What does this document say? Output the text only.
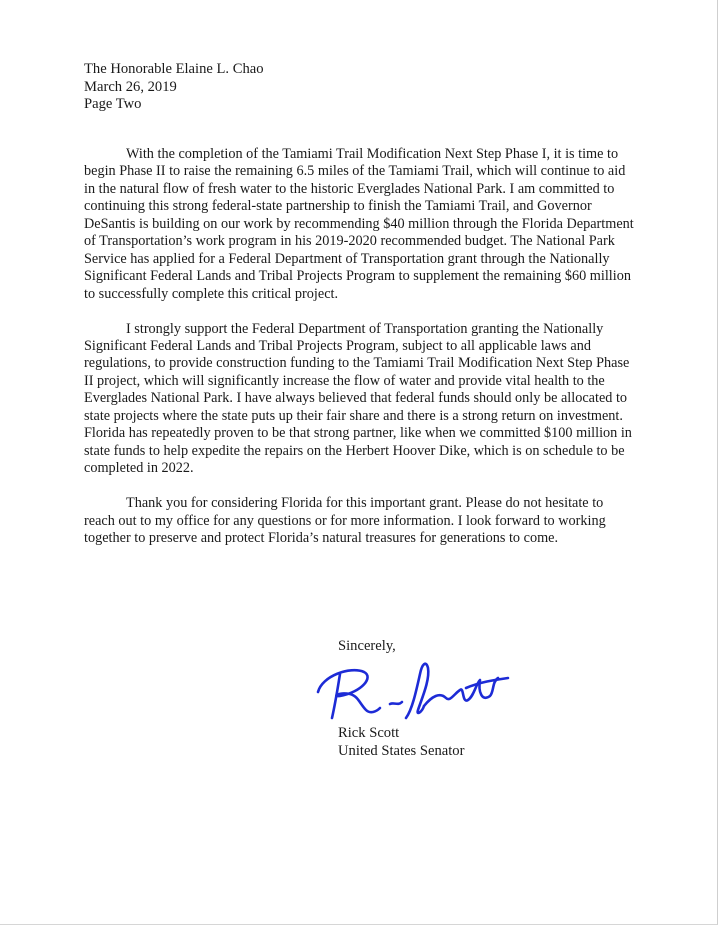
The Honorable Elaine L. Chao
March 26, 2019
Page Two

With the completion of the Tamiami Trail Modification Next Step Phase I, it is time to begin Phase II to raise the remaining 6.5 miles of the Tamiami Trail, which will continue to aid in the natural flow of fresh water to the historic Everglades National Park. I am committed to continuing this strong federal-state partnership to finish the Tamiami Trail, and Governor DeSantis is building on our work by recommending $40 million through the Florida Department of Transportation’s work program in his 2019-2020 recommended budget. The National Park Service has applied for a Federal Department of Transportation grant through the Nationally Significant Federal Lands and Tribal Projects Program to supplement the remaining $60 million to successfully complete this critical project.

I strongly support the Federal Department of Transportation granting the Nationally Significant Federal Lands and Tribal Projects Program, subject to all applicable laws and regulations, to provide construction funding to the Tamiami Trail Modification Next Step Phase II project, which will significantly increase the flow of water and provide vital health to the Everglades National Park. I have always believed that federal funds should only be allocated to state projects where the state puts up their fair share and there is a strong return on investment. Florida has repeatedly proven to be that strong partner, like when we committed $100 million in state funds to help expedite the repairs on the Herbert Hoover Dike, which is on schedule to be completed in 2022.

Thank you for considering Florida for this important grant. Please do not hesitate to reach out to my office for any questions or for more information. I look forward to working together to preserve and protect Florida’s natural treasures for generations to come.

Sincerely,
Rick Scott
United States Senator
